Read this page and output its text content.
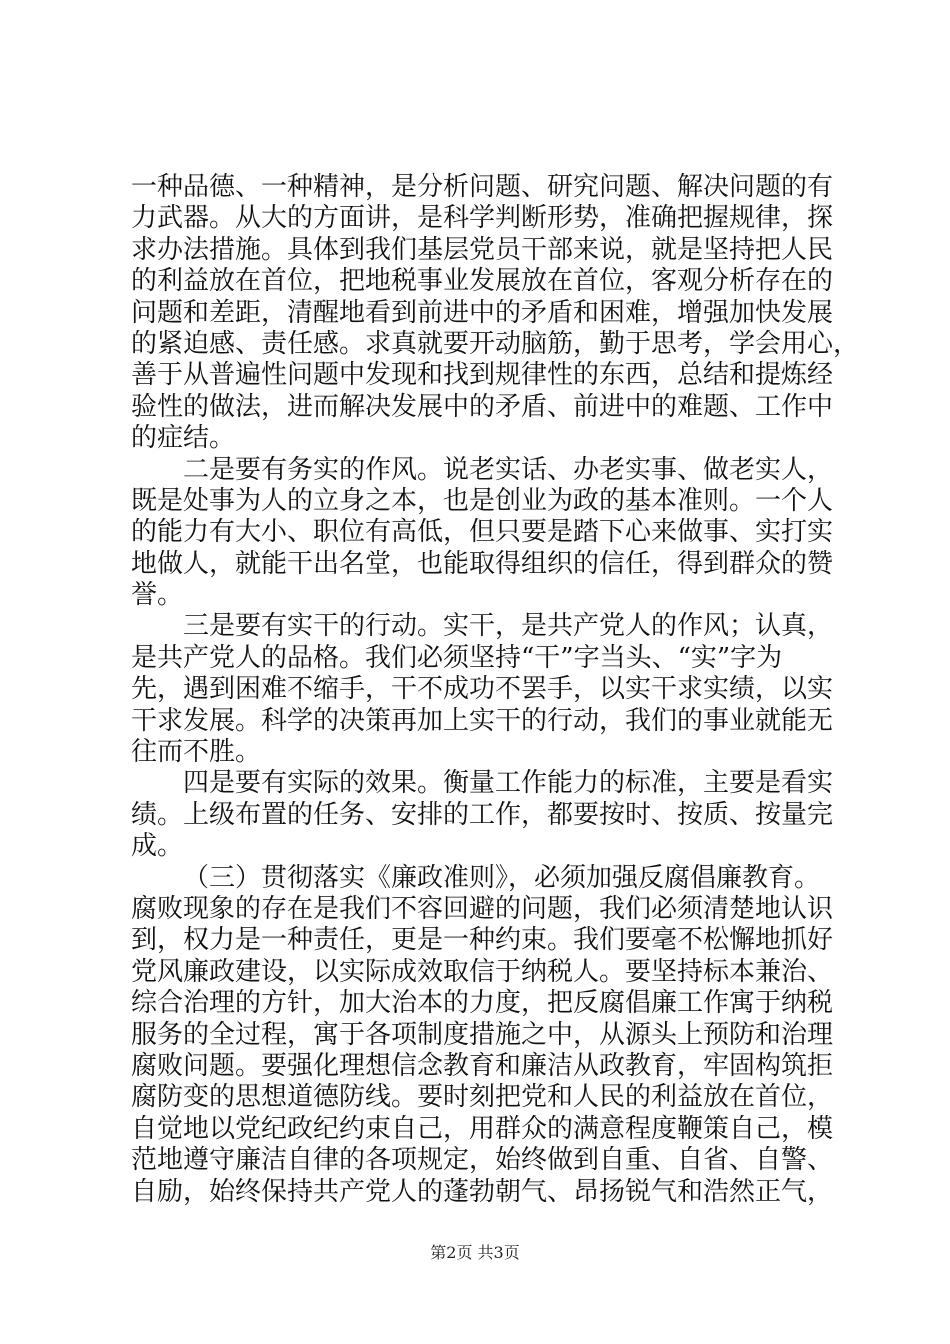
一种品德、一种精神，是分析问题、研究问题、解决问题的有
力武器。从大的方面讲，是科学判断形势，准确把握规律，探
求办法措施。具体到我们基层党员干部来说，就是坚持把人民
的利益放在首位，把地税事业发展放在首位，客观分析存在的
问题和差距，清醒地看到前进中的矛盾和困难，增强加快发展
的紧迫感、责任感。求真就要开动脑筋，勤于思考，学会用心，
善于从普遍性问题中发现和找到规律性的东西，总结和提炼经
验性的做法，进而解决发展中的矛盾、前进中的难题、工作中
的症结。
二是要有务实的作风。说老实话、办老实事、做老实人，
既是处事为人的立身之本，也是创业为政的基本准则。一个人
的能力有大小、职位有高低，但只要是踏下心来做事、实打实
地做人，就能干出名堂，也能取得组织的信任，得到群众的赞
誉。
三是要有实干的行动。实干，是共产党人的作风；认真，
是共产党人的品格。我们必须坚持“干”字当头、“实”字为
先，遇到困难不缩手，干不成功不罢手，以实干求实绩，以实
干求发展。科学的决策再加上实干的行动，我们的事业就能无
往而不胜。
四是要有实际的效果。衡量工作能力的标准，主要是看实
绩。上级布置的任务、安排的工作，都要按时、按质、按量完
成。
（三）贯彻落实《廉政准则》，必须加强反腐倡廉教育。
腐败现象的存在是我们不容回避的问题，我们必须清楚地认识
到，权力是一种责任，更是一种约束。我们要毫不松懈地抓好
党风廉政建设，以实际成效取信于纳税人。要坚持标本兼治、
综合治理的方针，加大治本的力度，把反腐倡廉工作寓于纳税
服务的全过程，寓于各项制度措施之中，从源头上预防和治理
腐败问题。要强化理想信念教育和廉洁从政教育，牢固构筑拒
腐防变的思想道德防线。要时刻把党和人民的利益放在首位，
自觉地以党纪政纪约束自己，用群众的满意程度鞭策自己，模
范地遵守廉洁自律的各项规定，始终做到自重、自省、自警、
自励，始终保持共产党人的蓬勃朝气、昂扬锐气和浩然正气，
第2页 共3页
